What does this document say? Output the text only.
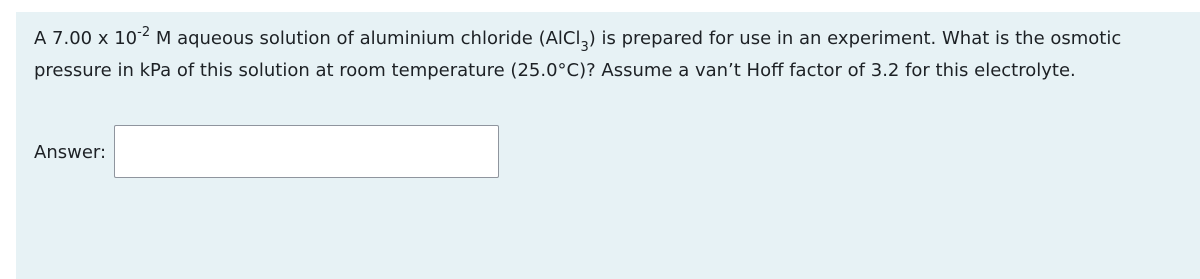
A 7.00 x $10^{-2}$ M aqueous solution of aluminium chloride (AlCl$_3$) is prepared for use in an experiment. What is the osmotic pressure in kPa of this solution at room temperature (25.0°C)? Assume a van’t Hoff factor of 3.2 for this electrolyte.

Answer:
